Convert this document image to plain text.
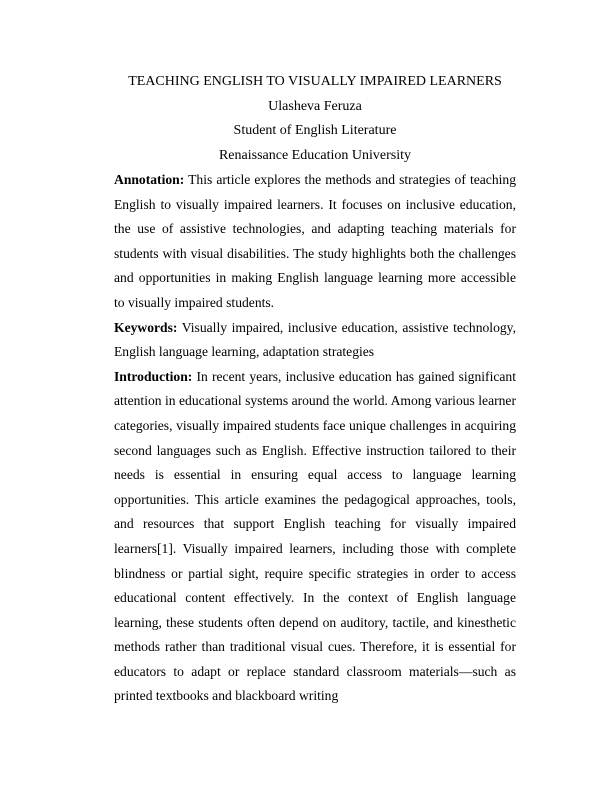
TEACHING ENGLISH TO VISUALLY IMPAIRED LEARNERS

Ulasheva Feruza

Student of English Literature

Renaissance Education University

Annotation: This article explores the methods and strategies of teaching English to visually impaired learners. It focuses on inclusive education, the use of assistive technologies, and adapting teaching materials for students with visual disabilities. The study highlights both the challenges and opportunities in making English language learning more accessible to visually impaired students.

Keywords: Visually impaired, inclusive education, assistive technology, English language learning, adaptation strategies

Introduction: In recent years, inclusive education has gained significant attention in educational systems around the world. Among various learner categories, visually impaired students face unique challenges in acquiring second languages such as English. Effective instruction tailored to their needs is essential in ensuring equal access to language learning opportunities. This article examines the pedagogical approaches, tools, and resources that support English teaching for visually impaired learners[1]. Visually impaired learners, including those with complete blindness or partial sight, require specific strategies in order to access educational content effectively. In the context of English language learning, these students often depend on auditory, tactile, and kinesthetic methods rather than traditional visual cues. Therefore, it is essential for educators to adapt or replace standard classroom materials—such as printed textbooks and blackboard writing
